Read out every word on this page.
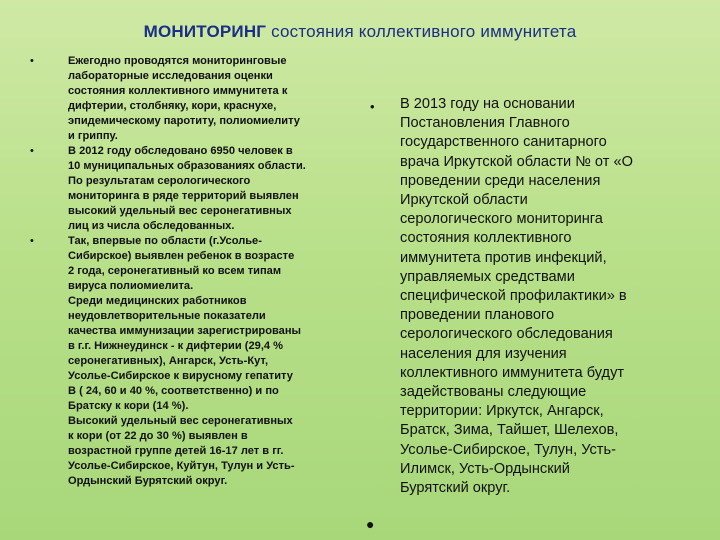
МОНИТОРИНГ состояния коллективного иммунитета
•	Ежегодно проводятся мониторинговые
лабораторные исследования оценки
состояния коллективного иммунитета к
дифтерии, столбняку, кори, краснухе,
эпидемическому паротиту, полиомиелиту
и гриппу.
•	В 2012 году обследовано 6950 человек в
10 муниципальных образованиях области.
По результатам серологического
мониторинга в ряде территорий выявлен
высокий удельный вес серонегативных
лиц из числа обследованных.
•	Так, впервые по области (г.Усолье-
Сибирское) выявлен ребенок в возрасте
2 года, серонегативный ко всем типам
вируса полиомиелита.
Среди медицинских работников
неудовлетворительные показатели
качества иммунизации зарегистрированы
в г.г. Нижнеудинск - к дифтерии (29,4 %
серонегативных), Ангарск, Усть-Кут,
Усолье-Сибирское к вирусному гепатиту
В ( 24, 60 и 40 %, соответственно) и по
Братску к кори (14 %).
Высокий удельный вес серонегативных
к кори (от 22 до 30 %) выявлен в
возрастной группе детей 16-17 лет в гг.
Усолье-Сибирское, Куйтун, Тулун и Усть-
Ордынский Бурятский округ.
• В 2013 году на основании
Постановления Главного
государственного санитарного
врача Иркутской области № от «О
проведении среди населения
Иркутской области
серологического мониторинга
состояния коллективного
иммунитета против инфекций,
управляемых средствами
специфической профилактики» в
проведении планового
серологического обследования
населения для изучения
коллективного иммунитета будут
задействованы следующие
территории: Иркутск, Ангарск,
Братск, Зима, Тайшет, Шелехов,
Усолье-Сибирское, Тулун, Усть-
Илимск, Усть-Ордынский
Бурятский округ.
●
